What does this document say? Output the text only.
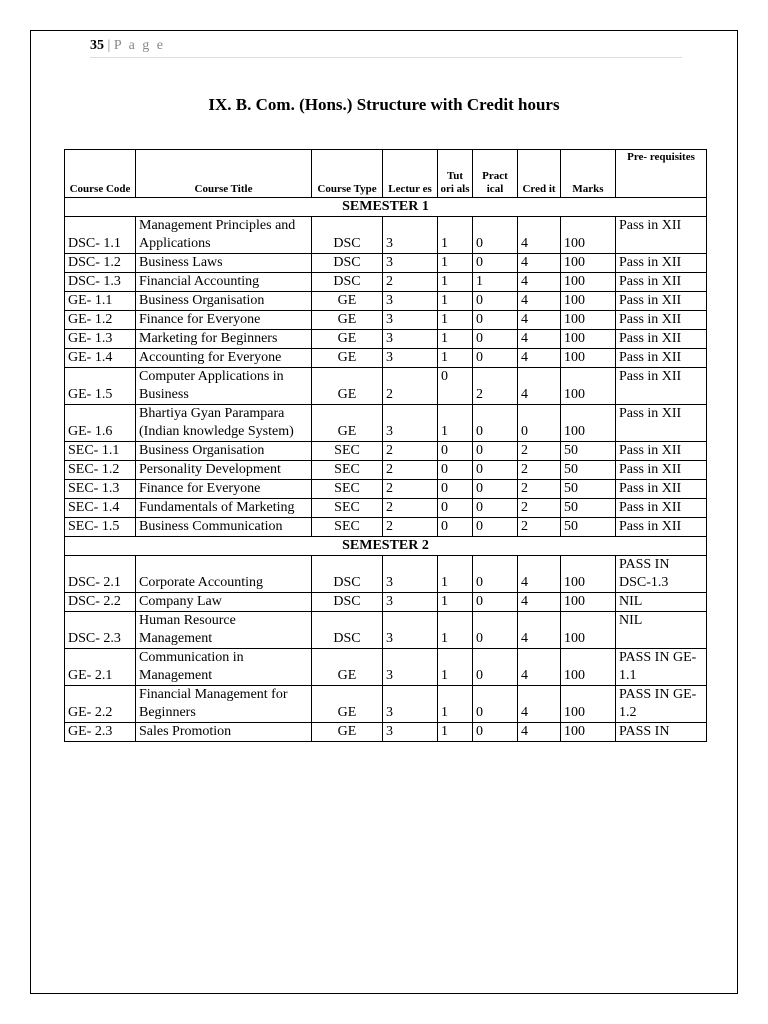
35 | P a g e
IX. B. Com. (Hons.) Structure with Credit hours
Course Code	Course Title	Course Type	Lectur es	Tut ori als	Pract ical	Cred it	Marks	Pre- requisites
SEMESTER 1								
DSC- 1.1	Management Principles and Applications	DSC	3	1	0	4	100	Pass in XII
DSC- 1.2	Business Laws	DSC	3	1	0	4	100	Pass in XII
DSC- 1.3	Financial Accounting	DSC	2	1	1	4	100	Pass in XII
GE- 1.1	Business Organisation	GE	3	1	0	4	100	Pass in XII
GE- 1.2	Finance for Everyone	GE	3	1	0	4	100	Pass in XII
GE- 1.3	Marketing for Beginners	GE	3	1	0	4	100	Pass in XII
GE- 1.4	Accounting for Everyone	GE	3	1	0	4	100	Pass in XII
GE- 1.5	Computer Applications in Business	GE	2	0	2	4	100	Pass in XII
GE- 1.6	Bhartiya Gyan Parampara (Indian knowledge System)	GE	3	1	0	0	100	Pass in XII
SEC- 1.1	Business Organisation	SEC	2	0	0	2	50	Pass in XII
SEC- 1.2	Personality Development	SEC	2	0	0	2	50	Pass in XII
SEC- 1.3	Finance for Everyone	SEC	2	0	0	2	50	Pass in XII
SEC- 1.4	Fundamentals of Marketing	SEC	2	0	0	2	50	Pass in XII
SEC- 1.5	Business Communication	SEC	2	0	0	2	50	Pass in XII
SEMESTER 2								
DSC- 2.1	Corporate Accounting	DSC	3	1	0	4	100	PASS IN DSC-1.3
DSC- 2.2	Company Law	DSC	3	1	0	4	100	NIL
DSC- 2.3	Human Resource Management	DSC	3	1	0	4	100	NIL
GE- 2.1	Communication in Management	GE	3	1	0	4	100	PASS IN GE- 1.1
GE- 2.2	Financial Management for Beginners	GE	3	1	0	4	100	PASS IN GE- 1.2
GE- 2.3	Sales Promotion	GE	3	1	0	4	100	PASS IN
